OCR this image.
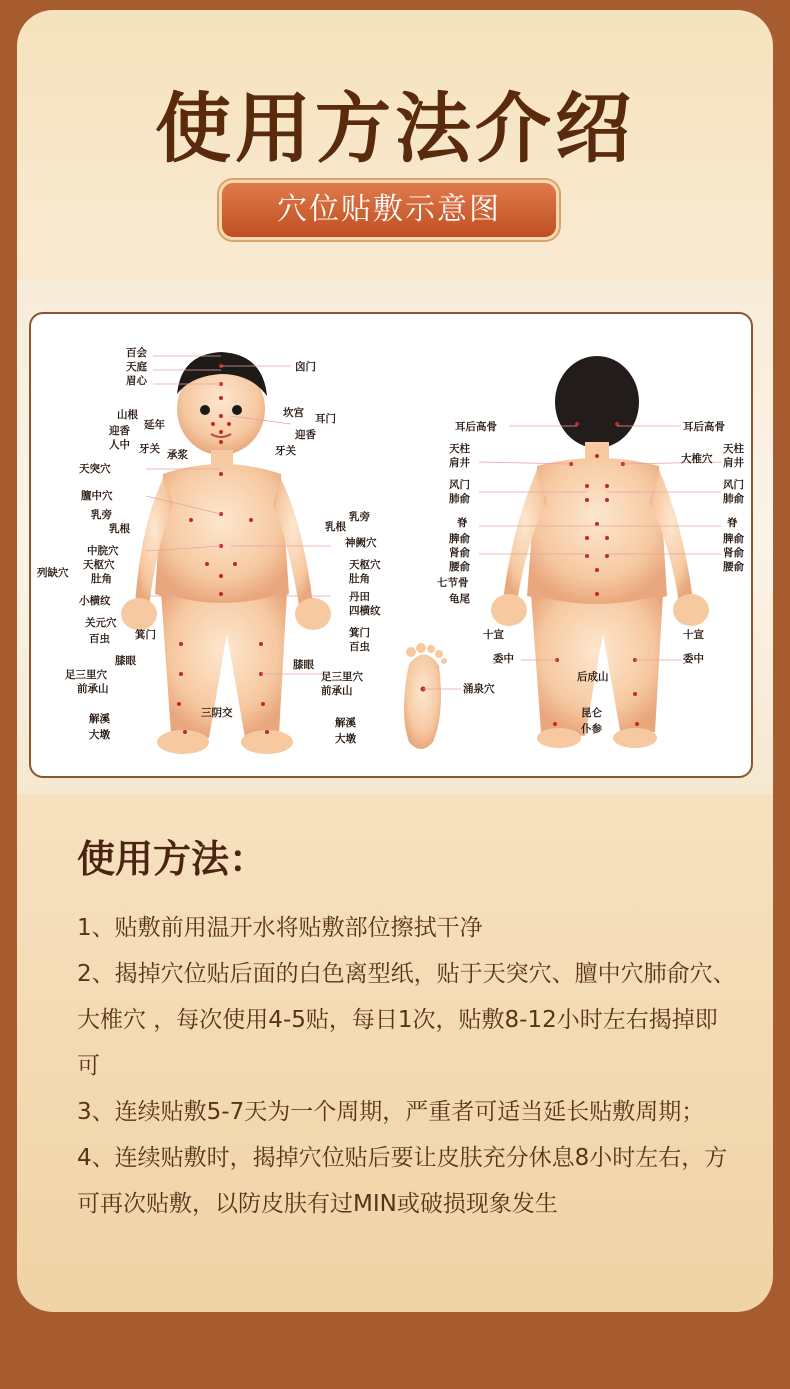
使用方法介绍
穴位贴敷示意图
百会
天庭
眉心
山根
延年
迎香
人中 牙关 承浆
天突穴
膻中穴
乳旁
乳根
中脘穴
天枢穴
肚角
列缺穴
小横纹
关元穴
百虫 箕门
膝眼
足三里穴
前承山
解溪
大墩
三阴交
囟门
坎宫 耳门
迎香
牙关
乳旁
乳根
神阙穴
天枢穴
肚角
丹田
四横纹
箕门
百虫
膝眼
足三里穴
前承山
解溪
大墩
涌泉穴
耳后高骨
天柱
肩井
风门
肺俞
脊
脾俞
肾俞
腰俞
七节骨
龟尾
十宣
委中
耳后高骨
大椎穴
天柱
肩井
风门
肺俞
脊
脾俞
肾俞
腰俞
十宣
委中
后成山
昆仑
仆参
使用方法：

1、贴敷前用温开水将贴敷部位擦拭干净

2、揭掉穴位贴后面的白色离型纸，贴于天突穴、膻中穴肺俞穴、大椎穴 ，每次使用4-5贴，每日1次，贴敷8-12小时左右揭掉即可

3、连续贴敷5-7天为一个周期，严重者可适当延长贴敷周期；

4、连续贴敷时，揭掉穴位贴后要让皮肤充分休息8小时左右，方可再次贴敷，以防皮肤有过MIN或破损现象发生
